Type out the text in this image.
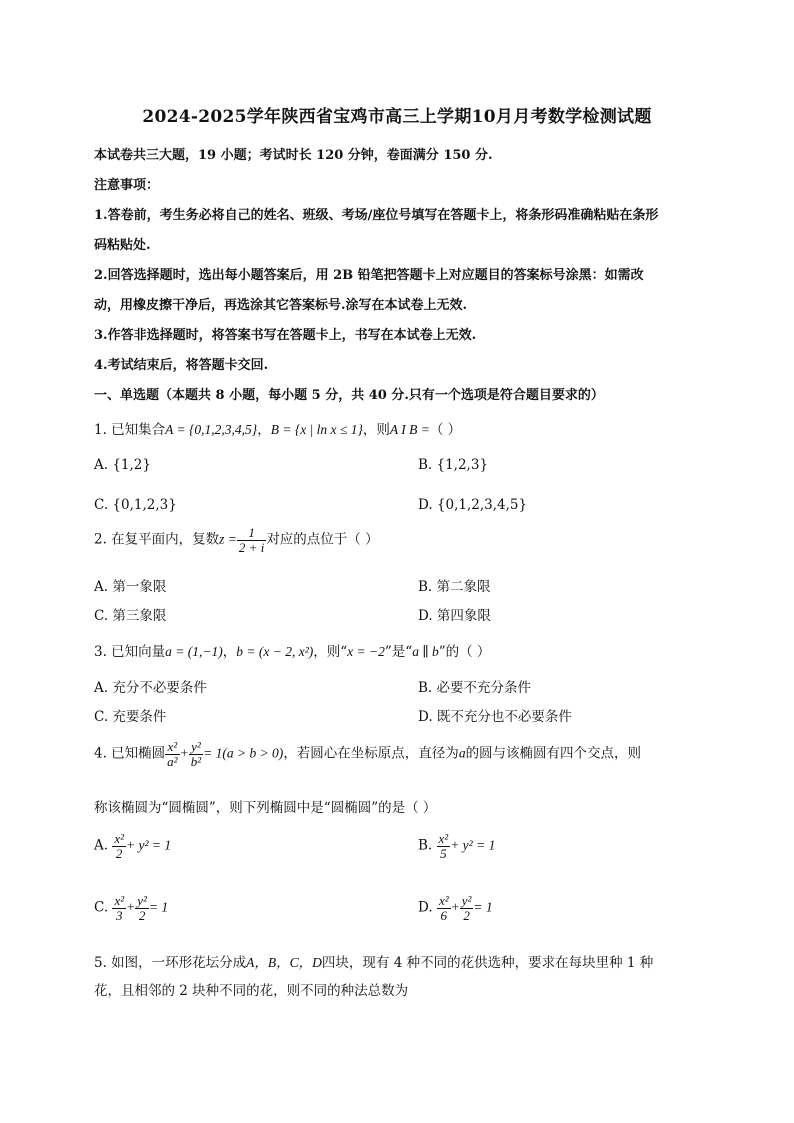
2024-2025学年陕西省宝鸡市高三上学期10月月考数学检测试题
本试卷共三大题，19 小题；考试时长 120 分钟，卷面满分 150 分.
注意事项：
1.答卷前，考生务必将自己的姓名、班级、考场/座位号填写在答题卡上，将条形码准确粘贴在条形
码粘贴处.
2.回答选择题时，选出每小题答案后，用 2B 铅笔把答题卡上对应题目的答案标号涂黑：如需改
动，用橡皮擦干净后，再选涂其它答案标号.涂写在本试卷上无效.
3.作答非选择题时，将答案书写在答题卡上，书写在本试卷上无效.
4.考试结束后，将答题卡交回.
一、单选题（本题共 8 小题，每小题 5 分，共 40 分.只有一个选项是符合题目要求的）
1. 已知集合A = {0,1,2,3,4,5}，B = {x | ln x ≤ 1}，则A I B =（ ）
A. {1,2}	B. {1,2,3}
C. {0,1,2,3}	D. {0,1,2,3,4,5}
2. 在复平面内，复数$z = \frac{1}{2 + i}$ 对应的点位于（ ）
A. 第一象限	B. 第二象限
C. 第三象限	D. 第四象限
3. 已知向量a = (1,−1)，b = (x − 2, x²)，则“x = −2”是“a ∥ b”的（ ）
A. 充分不必要条件	B. 必要不充分条件
C. 充要条件	D. 既不充分也不必要条件
4. 已知椭圆 $\frac{\text{x²}}{\text{a²}} + \frac{\text{y²}}{\text{b²}} = 1(a > b > 0)$，若圆心在坐标原点，直径为a的圆与该椭圆有四个交点，则
称该椭圆为“圆椭圆”，则下列椭圆中是“圆椭圆”的是（ ）
A. $\frac{\text{x²}}{2} + y^2 = 1$	B. $\frac{\text{x²}}{5} + y^2 = 1$
C. $\frac{\text{x²}}{3} + \frac{\text{y²}}{2} = 1$	D. $\frac{\text{x²}}{6} + \frac{\text{y²}}{2} = 1$
5. 如图，一环形花坛分成A，B，C，D四块，现有 4 种不同的花供选种，要求在每块里种 1 种
花，且相邻的 2 块种不同的花，则不同的种法总数为
